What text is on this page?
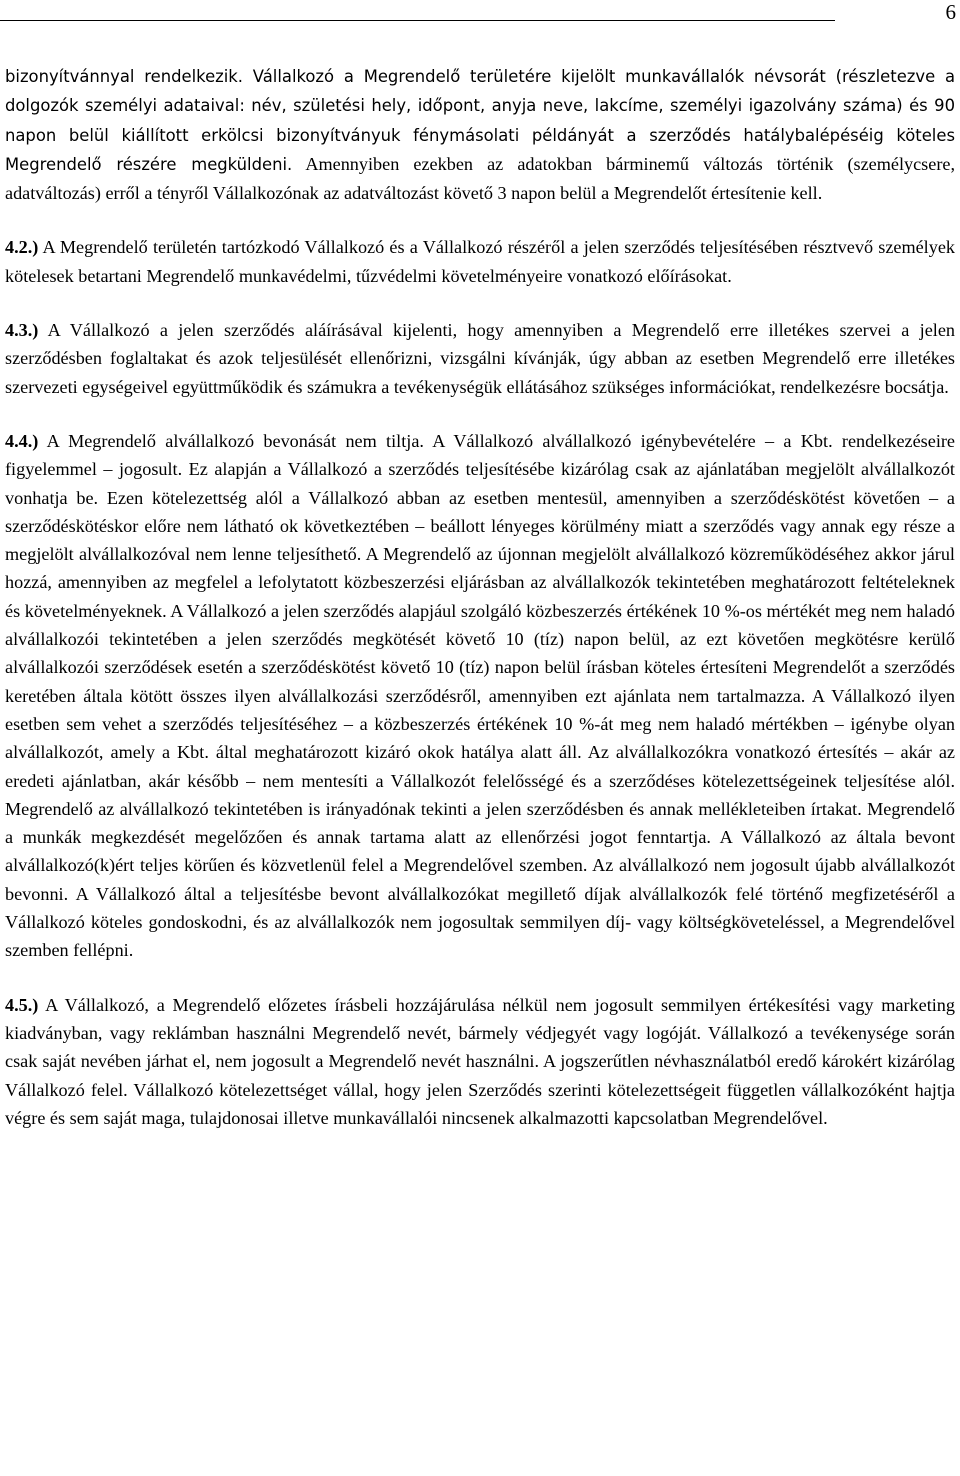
6

bizonyítvánnyal rendelkezik. Vállalkozó a Megrendelő területére kijelölt munkavállalók névsorát (részletezve a dolgozók személyi adataival: név, születési hely, időpont, anyja neve, lakcíme, személyi igazolvány száma) és 90 napon belül kiállított erkölcsi bizonyítványuk fénymásolati példányát a szerződés hatálybalépéséig köteles Megrendelő részére megküldeni. Amennyiben ezekben az adatokban bárminemű változás történik (személycsere, adatváltozás) erről a tényről Vállalkozónak az adatváltozást követő 3 napon belül a Megrendelőt értesítenie kell.

4.2.) A Megrendelő területén tartózkodó Vállalkozó és a Vállalkozó részéről a jelen szerződés teljesítésében résztvevő személyek kötelesek betartani Megrendelő munkavédelmi, tűzvédelmi követelményeire vonatkozó előírásokat.

4.3.) A Vállalkozó a jelen szerződés aláírásával kijelenti, hogy amennyiben a Megrendelő erre illetékes szervei a jelen szerződésben foglaltakat és azok teljesülését ellenőrizni, vizsgálni kívánják, úgy abban az esetben Megrendelő erre illetékes szervezeti egységeivel együttműködik és számukra a tevékenységük ellátásához szükséges információkat, rendelkezésre bocsátja.

4.4.) A Megrendelő alvállalkozó bevonását nem tiltja. A Vállalkozó alvállalkozó igénybevételére – a Kbt. rendelkezéseire figyelemmel – jogosult. Ez alapján a Vállalkozó a szerződés teljesítésébe kizárólag csak az ajánlatában megjelölt alvállalkozót vonhatja be. Ezen kötelezettség alól a Vállalkozó abban az esetben mentesül, amennyiben a szerződéskötést követően – a szerződéskötéskor előre nem látható ok következtében – beállott lényeges körülmény miatt a szerződés vagy annak egy része a megjelölt alvállalkozóval nem lenne teljesíthető. A Megrendelő az újonnan megjelölt alvállalkozó közreműködéséhez akkor járul hozzá, amennyiben az megfelel a lefolytatott közbeszerzési eljárásban az alvállalkozók tekintetében meghatározott feltételeknek és követelményeknek. A Vállalkozó a jelen szerződés alapjául szolgáló közbeszerzés értékének 10 %-os mértékét meg nem haladó alvállalkozói tekintetében a jelen szerződés megkötését követő 10 (tíz) napon belül, az ezt követően megkötésre kerülő alvállalkozói szerződések esetén a szerződéskötést követő 10 (tíz) napon belül írásban köteles értesíteni Megrendelőt a szerződés keretében általa kötött összes ilyen alvállalkozási szerződésről, amennyiben ezt ajánlata nem tartalmazza. A Vállalkozó ilyen esetben sem vehet a szerződés teljesítéséhez – a közbeszerzés értékének 10 %-át meg nem haladó mértékben – igénybe olyan alvállalkozót, amely a Kbt. által meghatározott kizáró okok hatálya alatt áll. Az alvállalkozókra vonatkozó értesítés – akár az eredeti ajánlatban, akár később – nem mentesíti a Vállalkozót felelősségé és a szerződéses kötelezettségeinek teljesítése alól. Megrendelő az alvállalkozó tekintetében is irányadónak tekinti a jelen szerződésben és annak mellékleteiben írtakat. Megrendelő a munkák megkezdését megelőzően és annak tartama alatt az ellenőrzési jogot fenntartja. A Vállalkozó az általa bevont alvállalkozó(k)ért teljes körűen és közvetlenül felel a Megrendelővel szemben. Az alvállalkozó nem jogosult újabb alvállalkozót bevonni. A Vállalkozó által a teljesítésbe bevont alvállalkozókat megillető díjak alvállalkozók felé történő megfizetéséről a Vállalkozó köteles gondoskodni, és az alvállalkozók nem jogosultak semmilyen díj- vagy költségköveteléssel, a Megrendelővel szemben fellépni.

4.5.) A Vállalkozó, a Megrendelő előzetes írásbeli hozzájárulása nélkül nem jogosult semmilyen értékesítési vagy marketing kiadványban, vagy reklámban használni Megrendelő nevét, bármely védjegyét vagy logóját. Vállalkozó a tevékenysége során csak saját nevében járhat el, nem jogosult a Megrendelő nevét használni. A jogszerűtlen névhasználatból eredő károkért kizárólag Vállalkozó felel. Vállalkozó kötelezettséget vállal, hogy jelen Szerződés szerinti kötelezettségeit független vállalkozóként hajtja végre és sem saját maga, tulajdonosai illetve munkavállalói nincsenek alkalmazotti kapcsolatban Megrendelővel.
